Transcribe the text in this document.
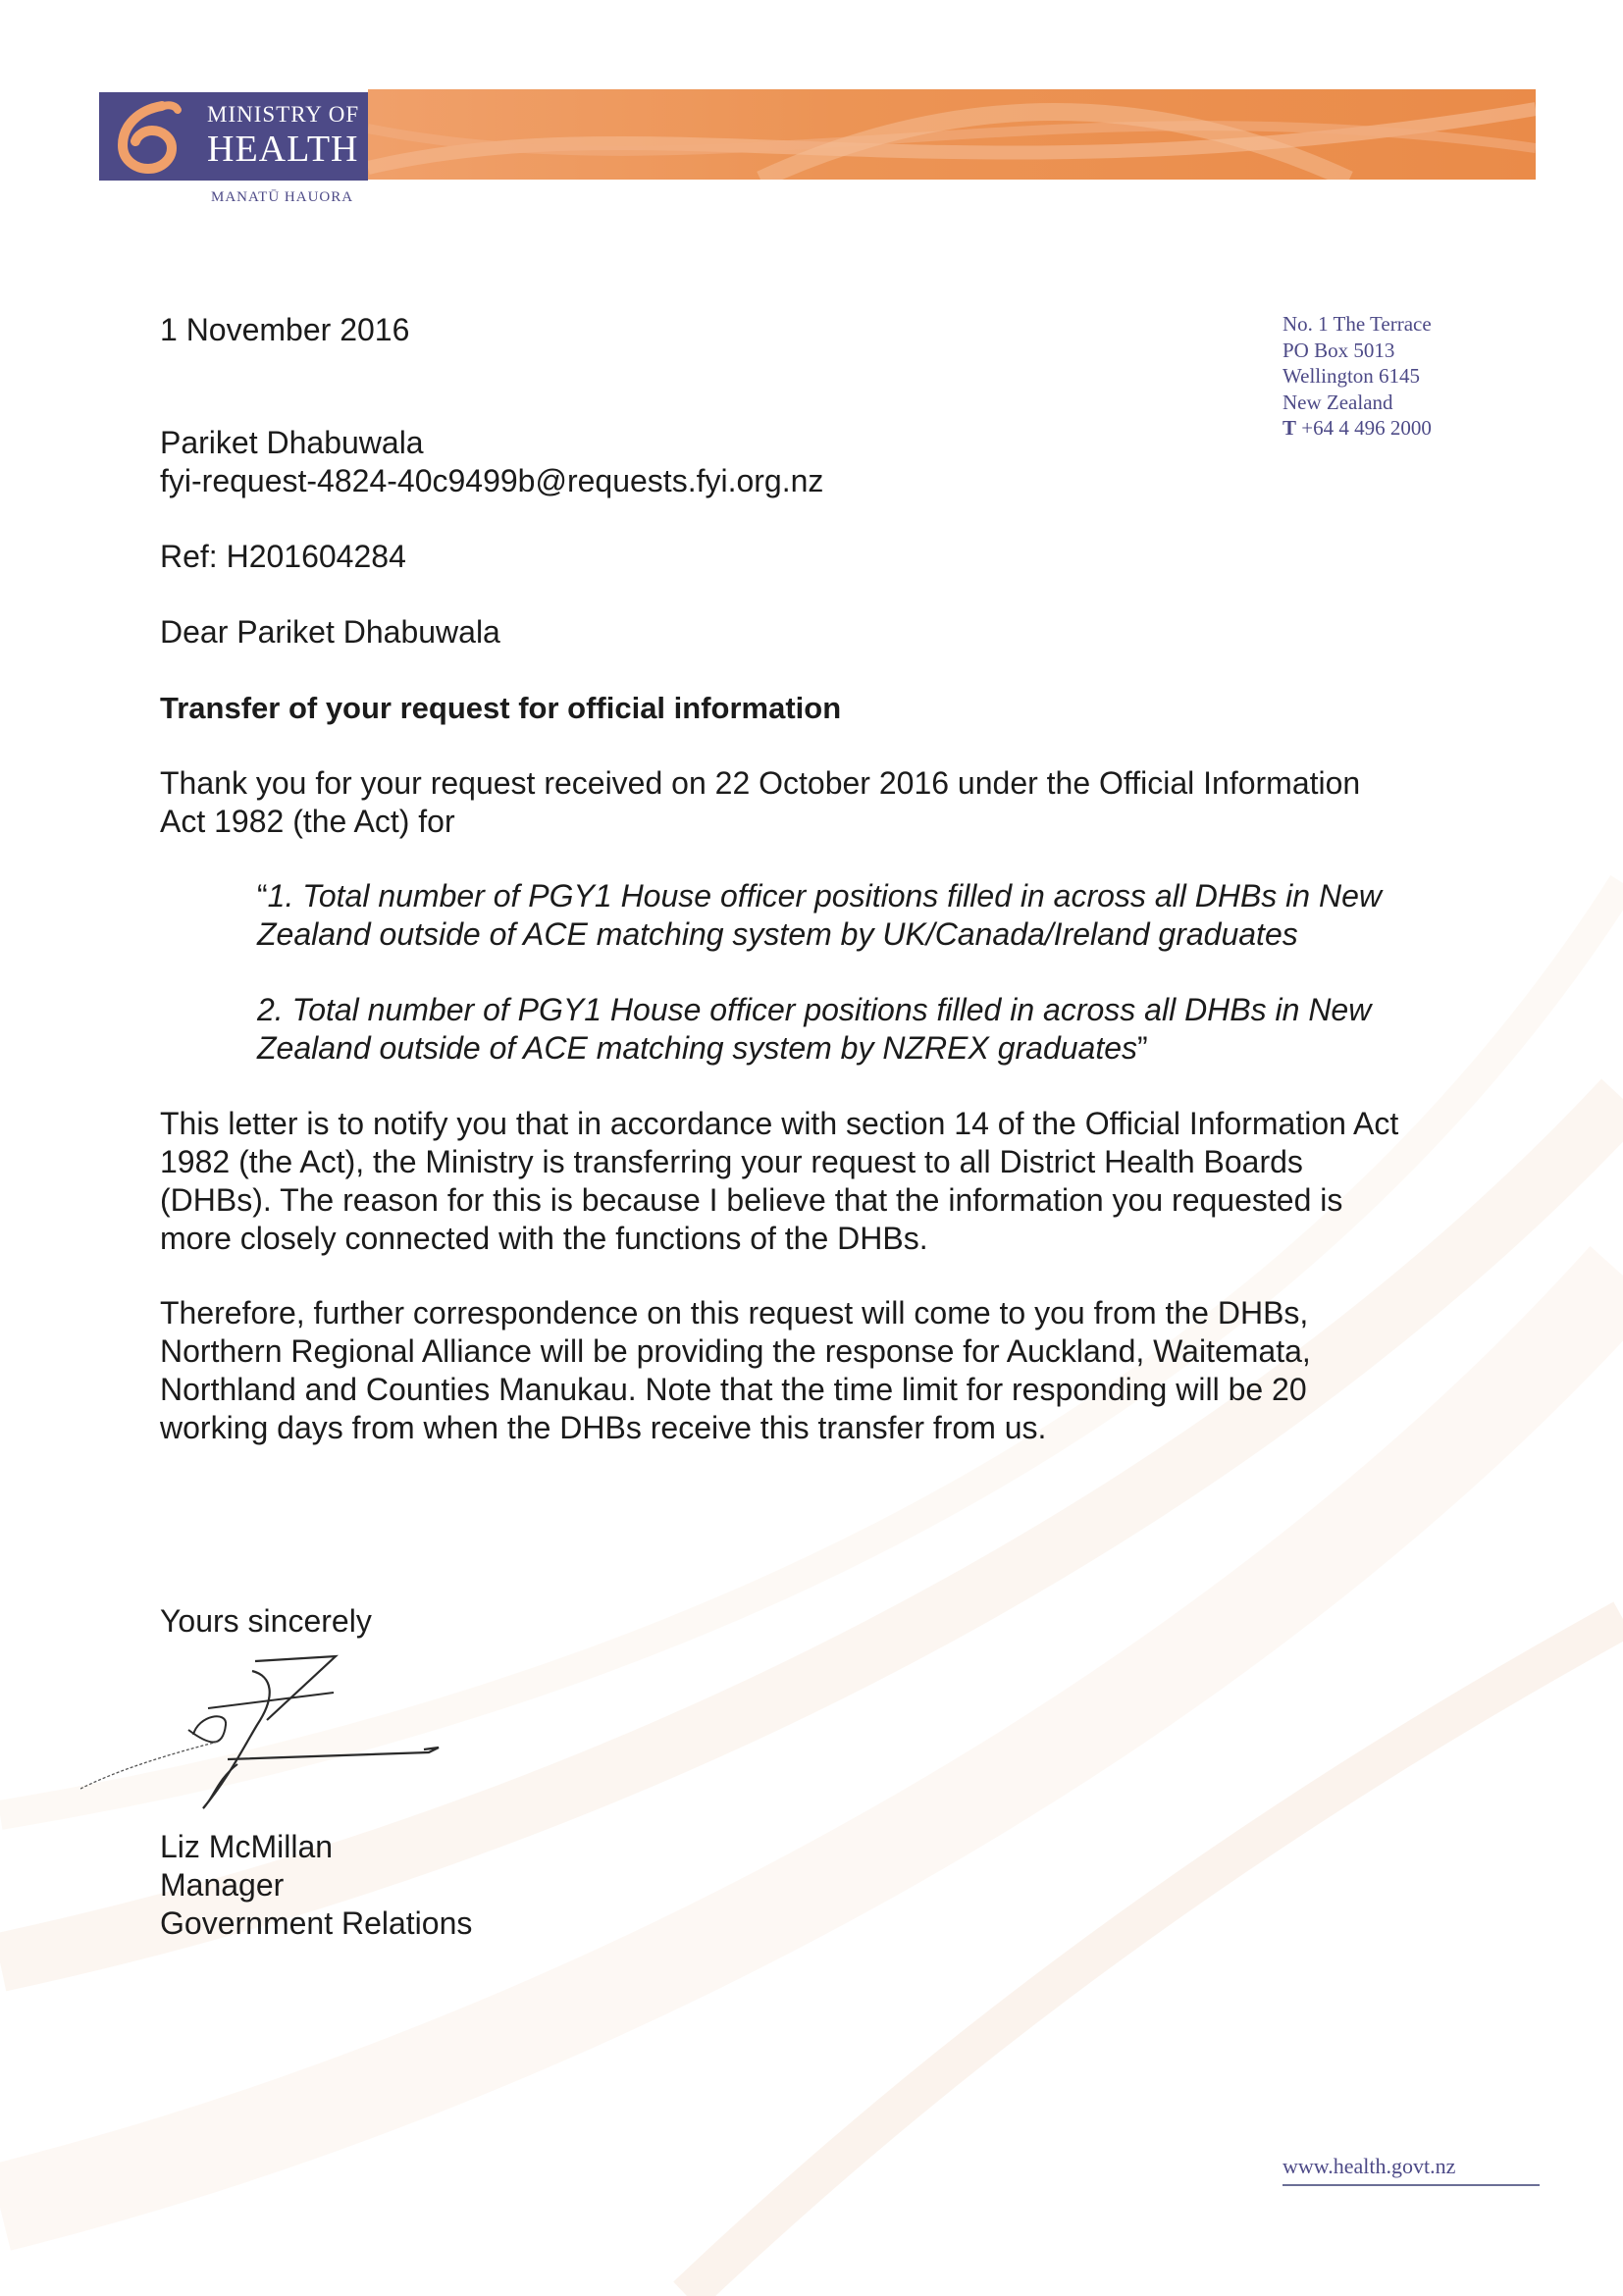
MINISTRY OF
HEALTH
MANATŪ HAUORA
No. 1 The Terrace
PO Box 5013
Wellington 6145
New Zealand
T +64 4 496 2000
1 November 2016
Pariket Dhabuwala
fyi-request-4824-40c9499b@requests.fyi.org.nz
Ref: H201604284
Dear Pariket Dhabuwala
Transfer of your request for official information
Thank you for your request received on 22 October 2016 under the Official Information
Act 1982 (the Act) for
“1. Total number of PGY1 House officer positions filled in across all DHBs in New
Zealand outside of ACE matching system by UK/Canada/Ireland graduates
2. Total number of PGY1 House officer positions filled in across all DHBs in New
Zealand outside of ACE matching system by NZREX graduates”
This letter is to notify you that in accordance with section 14 of the Official Information Act
1982 (the Act), the Ministry is transferring your request to all District Health Boards
(DHBs). The reason for this is because I believe that the information you requested is
more closely connected with the functions of the DHBs.
Therefore, further correspondence on this request will come to you from the DHBs,
Northern Regional Alliance will be providing the response for Auckland, Waitemata,
Northland and Counties Manukau. Note that the time limit for responding will be 20
working days from when the DHBs receive this transfer from us.
Yours sincerely
Liz McMillan
Manager
Government Relations
www.health.govt.nz
